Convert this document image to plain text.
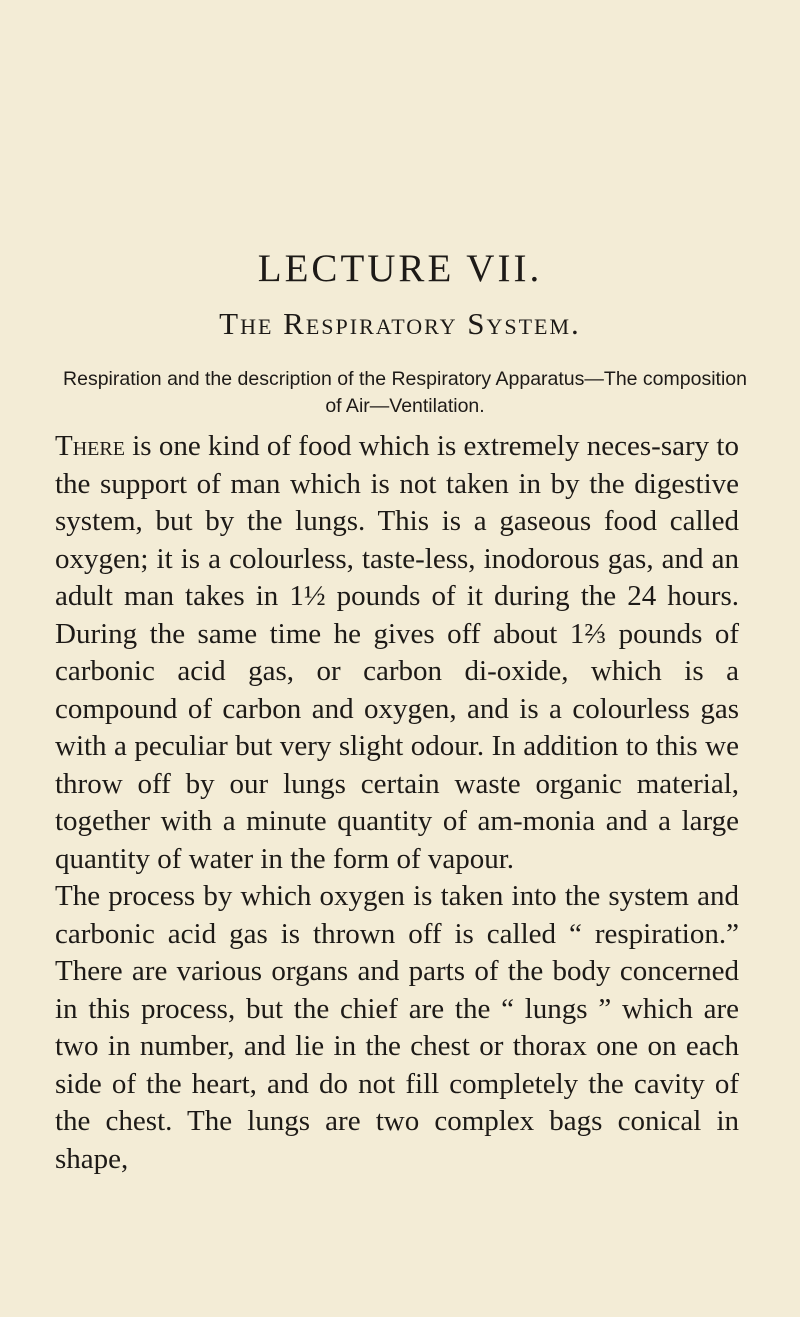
LECTURE VII.
The Respiratory System.

Respiration and the description of the Respiratory Apparatus—The composition of Air—Ventilation.

There is one kind of food which is extremely neces-sary to the support of man which is not taken in by the digestive system, but by the lungs. This is a gaseous food called oxygen; it is a colourless, taste-less, inodorous gas, and an adult man takes in 1½ pounds of it during the 24 hours. During the same time he gives off about 1⅔ pounds of carbonic acid gas, or carbon di-oxide, which is a compound of carbon and oxygen, and is a colourless gas with a peculiar but very slight odour. In addition to this we throw off by our lungs certain waste organic material, together with a minute quantity of am-monia and a large quantity of water in the form of vapour.

The process by which oxygen is taken into the system and carbonic acid gas is thrown off is called “ respiration.” There are various organs and parts of the body concerned in this process, but the chief are the “ lungs ” which are two in number, and lie in the chest or thorax one on each side of the heart, and do not fill completely the cavity of the chest. The lungs are two complex bags conical in shape,
